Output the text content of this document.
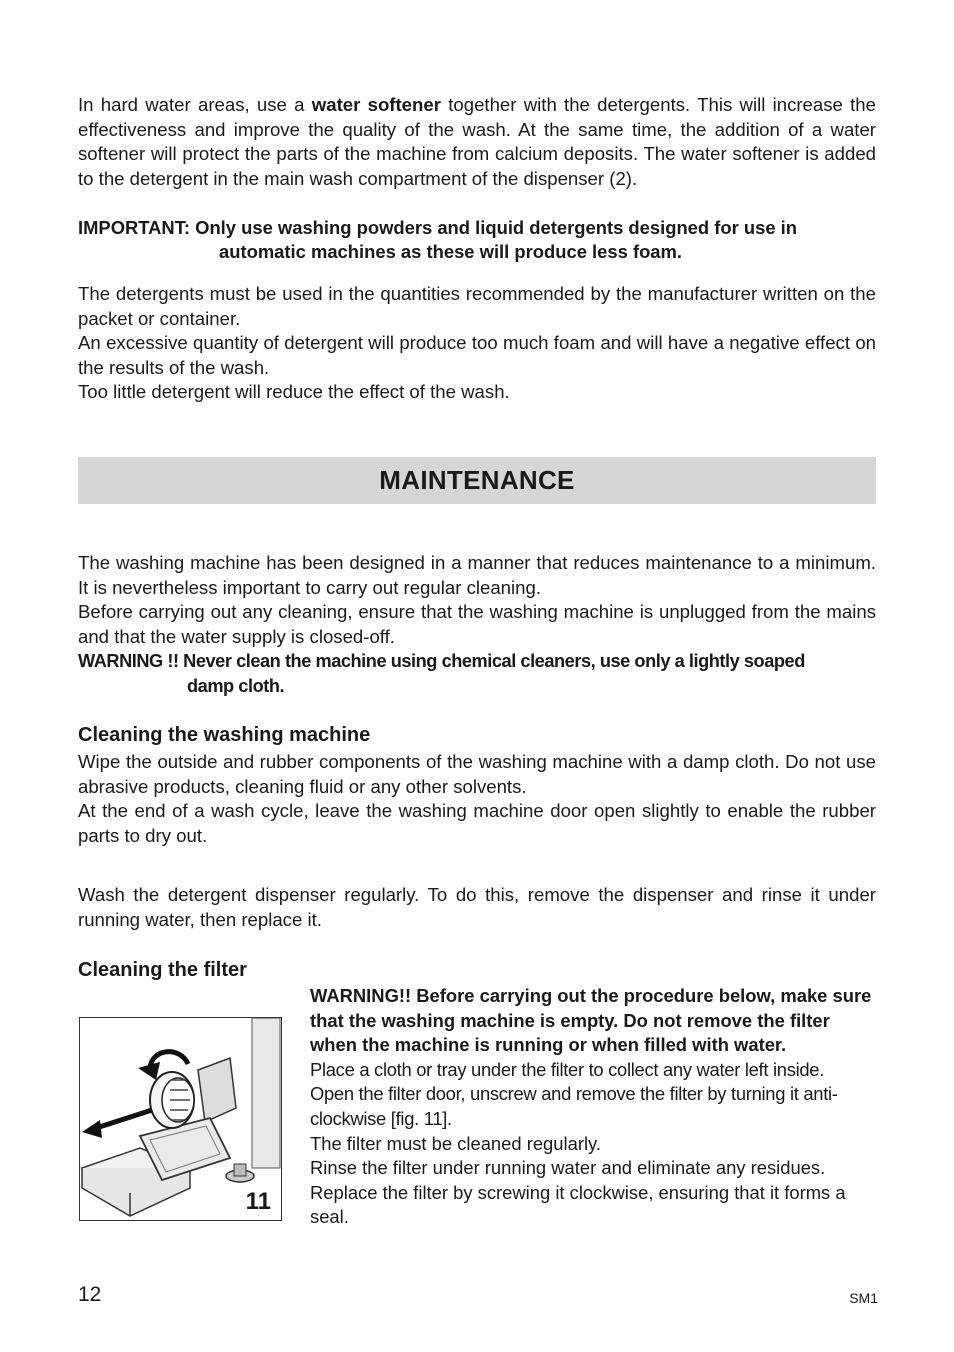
In hard water areas, use a water softener together with the detergents. This will increase the effectiveness and improve the quality of the wash. At the same time, the addition of a water softener will protect the parts of the machine from calcium deposits. The water softener is added to the detergent in the main wash compartment of the dispenser (2).

IMPORTANT: Only use washing powders and liquid detergents designed for use in
automatic machines as these will produce less foam.
The detergents must be used in the quantities recommended by the manufacturer written on the packet or container.
An excessive quantity of detergent will produce too much foam and will have a negative effect on the results of the wash.
Too little detergent will reduce the effect of the wash.
MAINTENANCE
The washing machine has been designed in a manner that reduces maintenance to a minimum. It is nevertheless important to carry out regular cleaning.
Before carrying out any cleaning, ensure that the washing machine is unplugged from the mains and that the water supply is closed-off.
WARNING !! Never clean the machine using chemical cleaners, use only a lightly soaped
damp cloth.
Cleaning the washing machine
Wipe the outside and rubber components of the washing machine with a damp cloth. Do not use abrasive products, cleaning fluid or any other solvents.
At the end of a wash cycle, leave the washing machine door open slightly to enable the rubber parts to dry out.
Wash the detergent dispenser regularly. To do this, remove the dispenser and rinse it under running water, then replace it.
Cleaning the filter
WARNING!! Before carrying out the procedure below, make sure that the washing machine is empty. Do not remove the filter when the machine is running or when filled with water.
Place a cloth or tray under the filter to collect any water left inside.
Open the filter door, unscrew and remove the filter by turning it anti-clockwise [fig. 11].
The filter must be cleaned regularly.
Rinse the filter under running water and eliminate any residues.
Replace the filter by screwing it clockwise, ensuring that it forms a seal.
11
12	SM1
